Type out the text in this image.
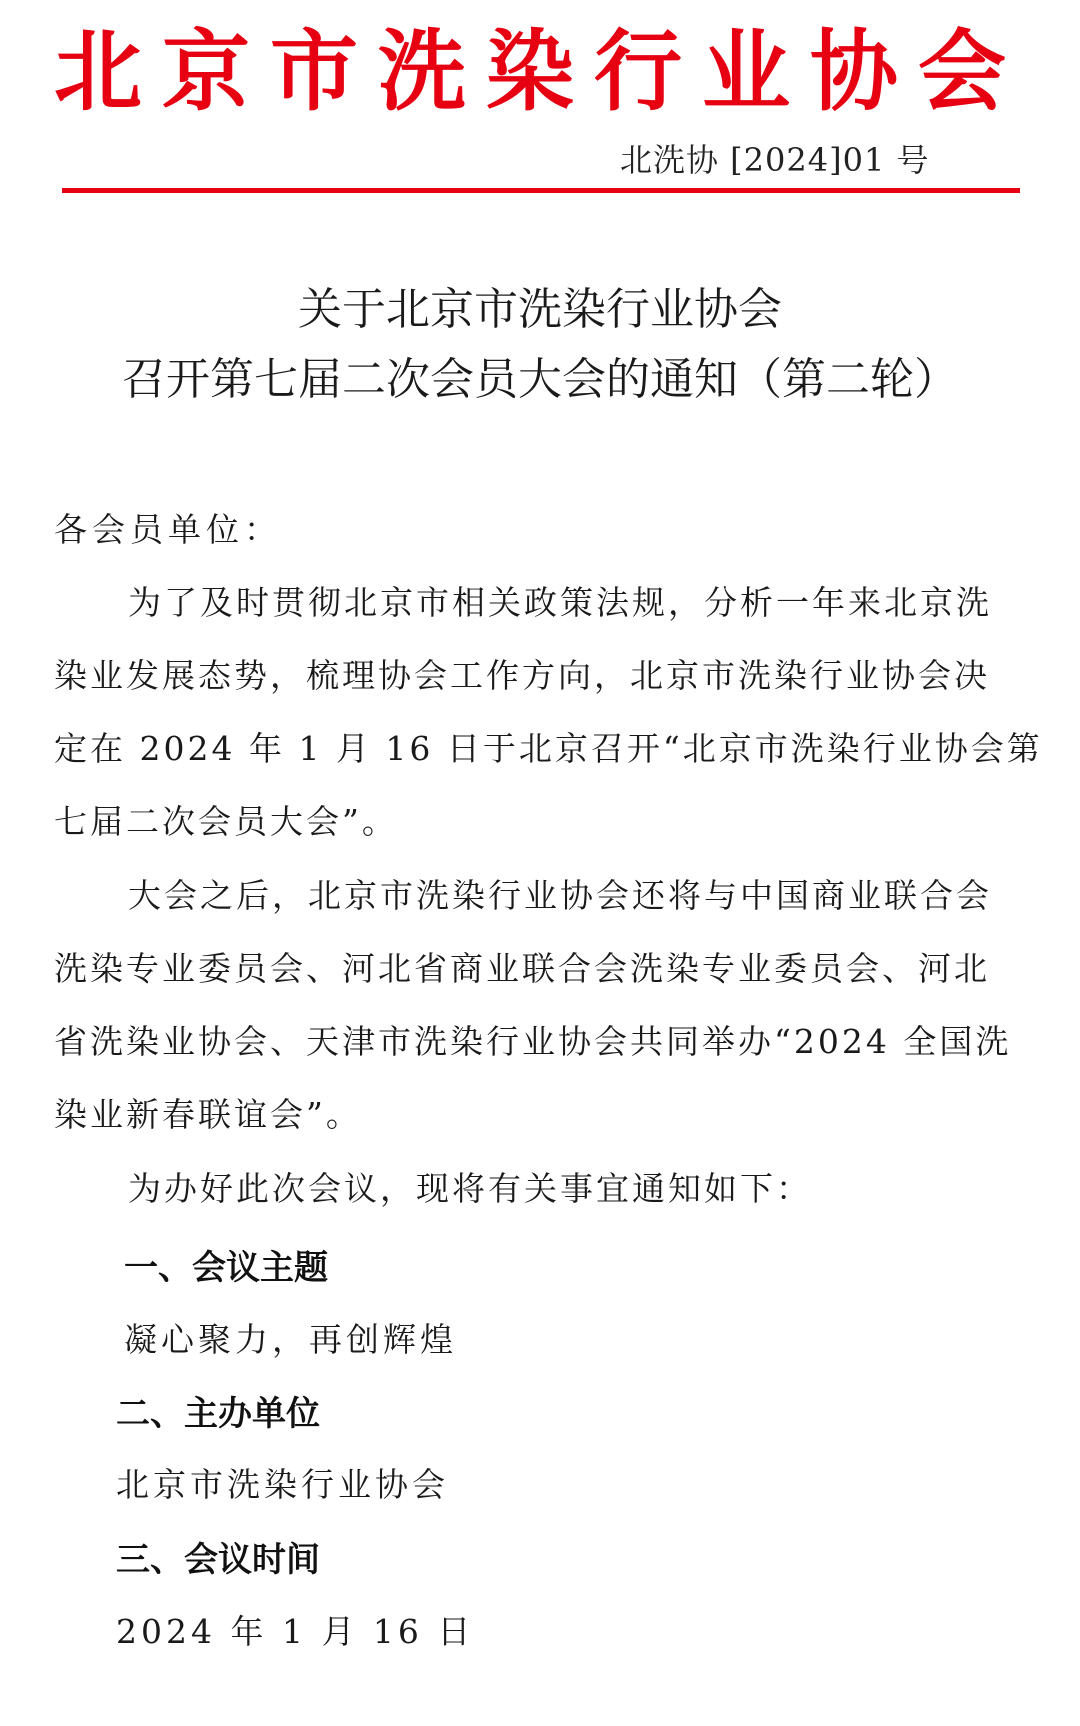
北京市洗染行业协会
北洗协 [2024]01 号
关于北京市洗染行业协会
召开第七届二次会员大会的通知（第二轮）
各会员单位：
为了及时贯彻北京市相关政策法规，分析一年来北京洗
染业发展态势，梳理协会工作方向，北京市洗染行业协会决
定在 2024 年 1 月 16 日于北京召开“北京市洗染行业协会第
七届二次会员大会”。
大会之后，北京市洗染行业协会还将与中国商业联合会
洗染专业委员会、河北省商业联合会洗染专业委员会、河北
省洗染业协会、天津市洗染行业协会共同举办“2024 全国洗
染业新春联谊会”。
为办好此次会议，现将有关事宜通知如下：
一、会议主题
凝心聚力，再创辉煌
二、主办单位
北京市洗染行业协会
三、会议时间
2024 年 1 月 16 日
